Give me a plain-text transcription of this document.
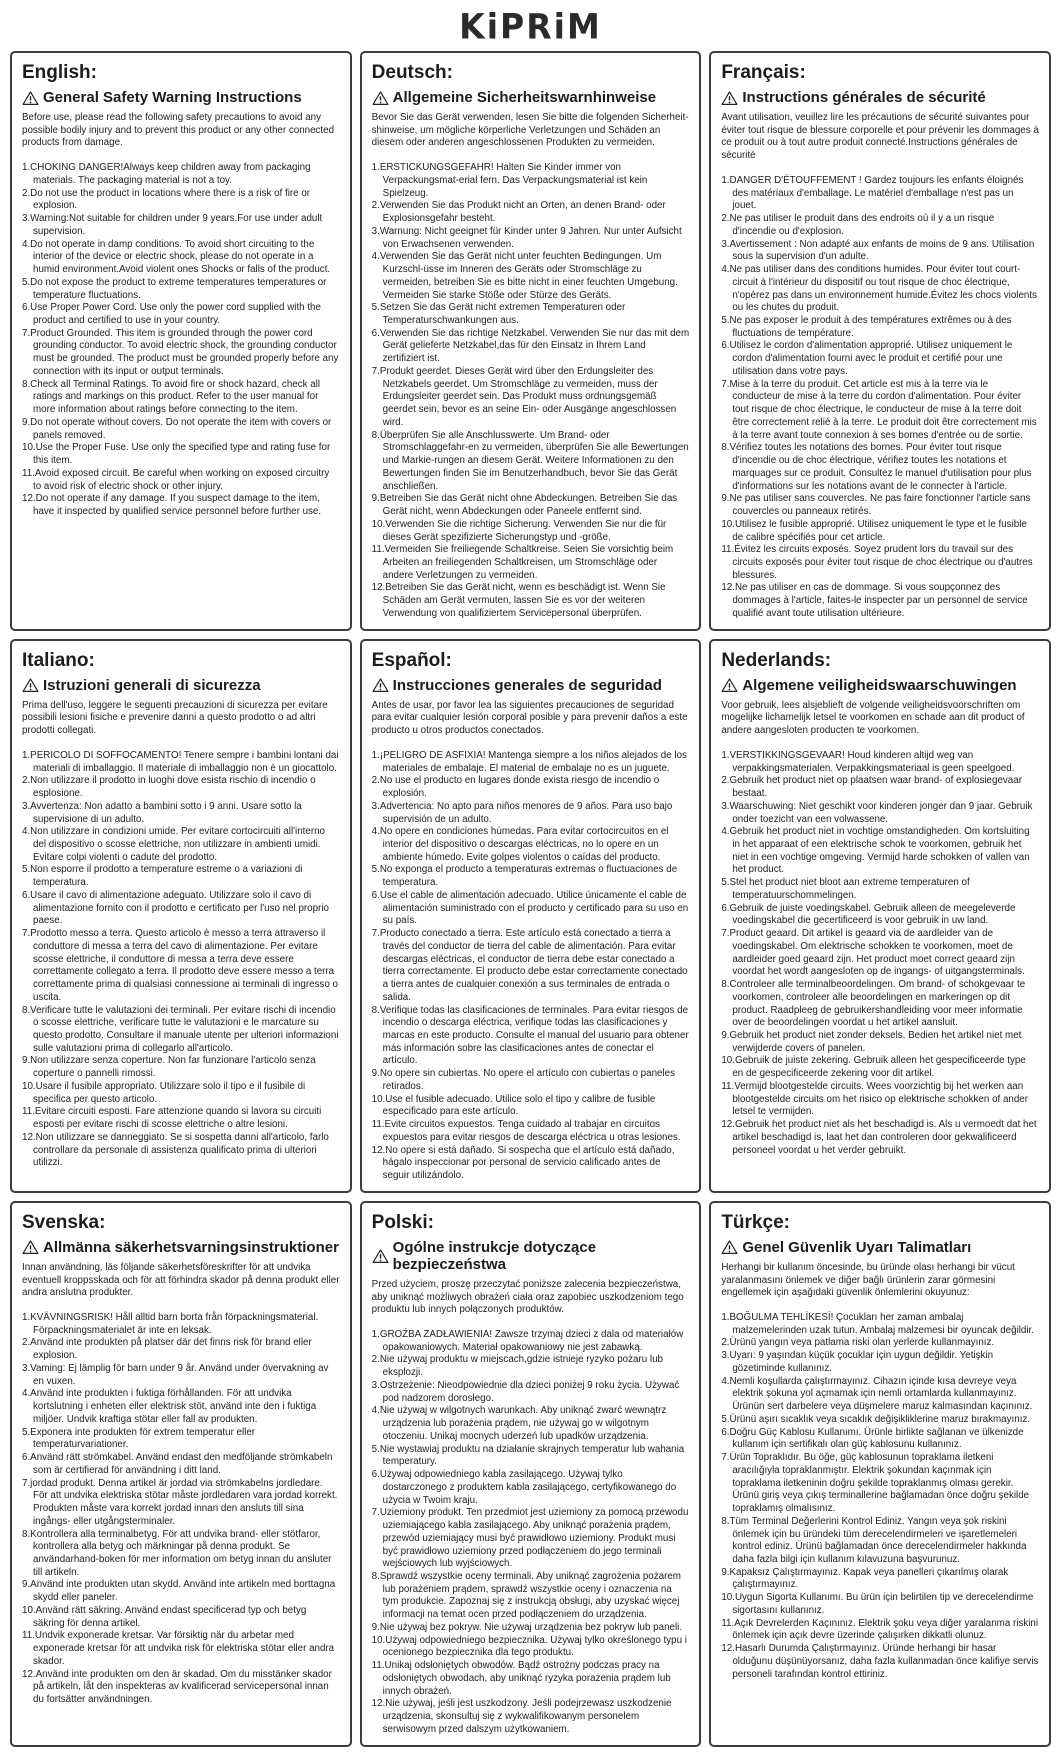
KiPRiM
English:
General Safety Warning Instructions

Before use, please read the following safety precautions to avoid any possible bodily injury and to prevent this product or any other connected products from damage.

1.CHOKING DANGER!Always keep children away from packaging materials. The packaging material is not a toy.
2.Do not use the product in locations where there is a risk of fire or explosion.
3.Warning:Not suitable for children under 9 years.For use under adult supervision.
4.Do not operate in damp conditions. To avoid short circuiting to the interior of the device or electric shock, please do not operate in a humid environment.Avoid violent ones Shocks or falls of the product.
5.Do not expose the product to extreme temperatures temperatures or temperature fluctuations.
6.Use Proper Power Cord. Use only the power cord supplied with the product and certified to use in your country.
7.Product Grounded. This item is grounded through the power cord grounding conductor. To avoid electric shock, the grounding conductor must be grounded. The product must be grounded properly before any connection with its input or output terminals.
8.Check all Terminal Ratings. To avoid fire or shock hazard, check all ratings and markings on this product. Refer to the user manual for more information about ratings before connecting to the item.
9.Do not operate without covers. Do not operate the item with covers or panels removed.
10.Use the Proper Fuse. Use only the specified type and rating fuse for this item.
11.Avoid exposed circuit. Be careful when working on exposed circuitry to avoid risk of electric shock or other injury.
12.Do not operate if any damage. If you suspect damage to the item, have it inspected by qualified service personnel before further use.
Deutsch:
Allgemeine Sicherheitswarnhinweise

Bevor Sie das Gerät verwenden, lesen Sie bitte die folgenden Sicherheit-shinweise, um mögliche körperliche Verletzungen und Schäden an diesem oder anderen angeschlossenen Produkten zu vermeiden.

1.ERSTICKUNGSGEFAHR! Halten Sie Kinder immer von Verpackungsmat-erial fern. Das Verpackungsmaterial ist kein Spielzeug.
2.Verwenden Sie das Produkt nicht an Orten, an denen Brand- oder Explosionsgefahr besteht.
3.Warnung: Nicht geeignet für Kinder unter 9 Jahren. Nur unter Aufsicht von Erwachsenen verwenden.
4.Verwenden Sie das Gerät nicht unter feuchten Bedingungen. Um Kurzschl-üsse im Inneren des Geräts oder Stromschläge zu vermeiden, betreiben Sie es bitte nicht in einer feuchten Umgebung. Vermeiden Sie starke Stöße oder Stürze des Geräts.
5.Setzen Sie das Gerät nicht extremen Temperaturen oder Temperaturschwankungen aus.
6.Verwenden Sie das richtige Netzkabel. Verwenden Sie nur das mit dem Gerät gelieferte Netzkabel,das für den Einsatz in Ihrem Land zertifiziert ist.
7.Produkt geerdet. Dieses Gerät wird über den Erdungsleiter des Netzkabels geerdet. Um Stromschläge zu vermeiden, muss der Erdungsleiter geerdet sein. Das Produkt muss ordnungsgemäß geerdet sein, bevor es an seine Ein- oder Ausgänge angeschlossen wird.
8.Überprüfen Sie alle Anschlusswerte. Um Brand- oder Stromschlaggefahr-en zu vermeiden, überprüfen Sie alle Bewertungen und Markie-rungen an diesem Gerät. Weitere Informationen zu den Bewertungen finden Sie im Benutzerhandbuch, bevor Sie das Gerät anschließen.
9.Betreiben Sie das Gerät nicht ohne Abdeckungen. Betreiben Sie das Gerät nicht, wenn Abdeckungen oder Paneele entfernt sind.
10.Verwenden Sie die richtige Sicherung. Verwenden Sie nur die für dieses Gerät spezifizierte Sicherungstyp und -größe.
11.Vermeiden Sie freiliegende Schaltkreise. Seien Sie vorsichtig beim Arbeiten an freiliegenden Schaltkreisen, um Stromschläge oder andere Verletzungen zu vermeiden.
12.Betreiben Sie das Gerät nicht, wenn es beschädigt ist. Wenn Sie Schäden am Gerät vermuten, lassen Sie es vor der weiteren Verwendung von qualifiziertem Servicepersonal überprüfen.
Français:
Instructions générales de sécurité

Avant utilisation, veuillez lire les précautions de sécurité suivantes pour éviter tout risque de blessure corporelle et pour prévenir les dommages à ce produit ou à tout autre produit connecté.Instructions générales de sécurité

1.DANGER D'ÉTOUFFEMENT ! Gardez toujours les enfants éloignés des matériaux d'emballage. Le matériel d'emballage n'est pas un jouet.
2.Ne pas utiliser le produit dans des endroits où il y a un risque d'incendie ou d'explosion.
3.Avertissement : Non adapté aux enfants de moins de 9 ans. Utilisation sous la supervision d'un adulte.
4.Ne pas utiliser dans des conditions humides. Pour éviter tout court-circuit à l'intérieur du dispositif ou tout risque de choc électrique, n'opérez pas dans un environnement humide.Évitez les chocs violents ou les chutes du produit.
5.Ne pas exposer le produit à des températures extrêmes ou à des fluctuations de température.
6.Utilisez le cordon d'alimentation approprié. Utilisez uniquement le cordon d'alimentation fourni avec le produit et certifié pour une utilisation dans votre pays.
7.Mise à la terre du produit. Cet article est mis à la terre via le conducteur de mise à la terre du cordon d'alimentation. Pour éviter tout risque de choc électrique, le conducteur de mise à la terre doit être correctement relié à la terre. Le produit doit être correctement mis à la terre avant toute connexion à ses bornes d'entrée ou de sortie.
8.Vérifiez toutes les notations des bornes. Pour éviter tout risque d'incendie ou de choc électrique, vérifiez toutes les notations et marquages sur ce produit. Consultez le manuel d'utilisation pour plus d'informations sur les notations avant de le connecter à l'article.
9.Ne pas utiliser sans couvercles. Ne pas faire fonctionner l'article sans couvercles ou panneaux retirés.
10.Utilisez le fusible approprié. Utilisez uniquement le type et le fusible de calibre spécifiés pour cet article.
11.Évitez les circuits exposés. Soyez prudent lors du travail sur des circuits exposés pour éviter tout risque de choc électrique ou d'autres blessures.
12.Ne pas utiliser en cas de dommage. Si vous soupçonnez des dommages à l'article, faites-le inspecter par un personnel de service qualifié avant toute utilisation ultérieure.
Italiano:
Istruzioni generali di sicurezza

Prima dell'uso, leggere le seguenti precauzioni di sicurezza per evitare possibili lesioni fisiche e prevenire danni a questo prodotto o ad altri prodotti collegati.

1.PERICOLO DI SOFFOCAMENTO! Tenere sempre i bambini lontani dai materiali di imballaggio. Il materiale di imballaggio non è un giocattolo.
2.Non utilizzare il prodotto in luoghi dove esista rischio di incendio o esplosione.
3.Avvertenza: Non adatto a bambini sotto i 9 anni. Usare sotto la supervisione di un adulto.
4.Non utilizzare in condizioni umide. Per evitare cortocircuiti all'interno del dispositivo o scosse elettriche, non utilizzare in ambienti umidi. Evitare colpi violenti o cadute del prodotto.
5.Non esporre il prodotto a temperature estreme o a variazioni di temperatura.
6.Usare il cavo di alimentazione adeguato. Utilizzare solo il cavo di alimentazione fornito con il prodotto e certificato per l'uso nel proprio paese.
7.Prodotto messo a terra. Questo articolo è messo a terra attraverso il conduttore di messa a terra del cavo di alimentazione. Per evitare scosse elettriche, il conduttore di messa a terra deve essere correttamente collegato a terra. Il prodotto deve essere messo a terra correttamente prima di qualsiasi connessione ai terminali di ingresso o uscita.
8.Verificare tutte le valutazioni dei terminali. Per evitare rischi di incendio o scosse elettriche, verificare tutte le valutazioni e le marcature su questo prodotto. Consultare il manuale utente per ulteriori informazioni sulle valutazioni prima di collegarlo all'articolo.
9.Non utilizzare senza coperture. Non far funzionare l'articolo senza coperture o pannelli rimossi.
10.Usare il fusibile appropriato. Utilizzare solo il tipo e il fusibile di specifica per questo articolo.
11.Evitare circuiti esposti. Fare attenzione quando si lavora su circuiti esposti per evitare rischi di scosse elettriche o altre lesioni.
12.Non utilizzare se danneggiato. Se si sospetta danni all'articolo, farlo controllare da personale di assistenza qualificato prima di ulteriori utilizzi.
Español:
Instrucciones generales de seguridad

Antes de usar, por favor lea las siguientes precauciones de seguridad para evitar cualquier lesión corporal posible y para prevenir daños a este producto u otros productos conectados.

1.¡PELIGRO DE ASFIXIA! Mantenga siempre a los niños alejados de los materiales de embalaje. El material de embalaje no es un juguete.
2.No use el producto en lugares donde exista riesgo de incendio o explosión.
3.Advertencia: No apto para niños menores de 9 años. Para uso bajo supervisión de un adulto.
4.No opere en condiciones húmedas. Para evitar cortocircuitos en el interior del dispositivo o descargas eléctricas, no lo opere en un ambiente húmedo. Evite golpes violentos o caídas del producto.
5.No exponga el producto a temperaturas extremas o fluctuaciones de temperatura.
6.Use el cable de alimentación adecuado. Utilice únicamente el cable de alimentación suministrado con el producto y certificado para su uso en su país.
7.Producto conectado a tierra. Este artículo está conectado a tierra a través del conductor de tierra del cable de alimentación. Para evitar descargas eléctricas, el conductor de tierra debe estar conectado a tierra correctamente. El producto debe estar correctamente conectado a tierra antes de cualquier conexión a sus terminales de entrada o salida.
8.Verifique todas las clasificaciones de terminales. Para evitar riesgos de incendio o descarga eléctrica, verifique todas las clasificaciones y marcas en este producto. Consulte el manual del usuario para obtener más información sobre las clasificaciones antes de conectar el artículo.
9.No opere sin cubiertas. No opere el artículo con cubiertas o paneles retirados.
10.Use el fusible adecuado. Utilice solo el tipo y calibre de fusible especificado para este artículo.
11.Evite circuitos expuestos. Tenga cuidado al trabajar en circuitos expuestos para evitar riesgos de descarga eléctrica u otras lesiones.
12.No opere si está dañado. Si sospecha que el artículo está dañado, hágalo inspeccionar por personal de servicio calificado antes de seguir utilizándolo.
Nederlands:
Algemene veiligheidswaarschuwingen

Voor gebruik, lees alsjeblieft de volgende veiligheidsvoorschriften om mogelijke lichamelijk letsel te voorkomen en schade aan dit product of andere aangesloten producten te voorkomen.

1.VERSTIKKINGSGEVAAR! Houd kinderen altijd weg van verpakkingsmaterialen. Verpakkingsmateriaal is geen speelgoed.
2.Gebruik het product niet op plaatsen waar brand- of explosiegevaar bestaat.
3.Waarschuwing: Niet geschikt voor kinderen jonger dan 9 jaar. Gebruik onder toezicht van een volwassene.
4.Gebruik het product niet in vochtige omstandigheden. Om kortsluiting in het apparaat of een elektrische schok te voorkomen, gebruik het niet in een vochtige omgeving. Vermijd harde schokken of vallen van het product.
5.Stel het product niet bloot aan extreme temperaturen of temperatuurschommelingen.
6.Gebruik de juiste voedingskabel. Gebruik alleen de meegeleverde voedingskabel die gecertificeerd is voor gebruik in uw land.
7.Product geaard. Dit artikel is geaard via de aardleider van de voedingskabel. Om elektrische schokken te voorkomen, moet de aardleider goed geaard zijn. Het product moet correct geaard zijn voordat het wordt aangesloten op de ingangs- of uitgangsterminals.
8.Controleer alle terminalbeoordelingen. Om brand- of schokgevaar te voorkomen, controleer alle beoordelingen en markeringen op dit product. Raadpleeg de gebruikershandleiding voor meer informatie over de beoordelingen voordat u het artikel aansluit.
9.Gebruik het product niet zonder deksels. Bedien het artikel niet met verwijderde covers of panelen.
10.Gebruik de juiste zekering. Gebruik alleen het gespecificeerde type en de gespecificeerde zekering voor dit artikel.
11.Vermijd blootgestelde circuits. Wees voorzichtig bij het werken aan blootgestelde circuits om het risico op elektrische schokken of ander letsel te vermijden.
12.Gebruik het product niet als het beschadigd is. Als u vermoedt dat het artikel beschadigd is, laat het dan controleren door gekwalificeerd personeel voordat u het verder gebruikt.
Svenska:
Allmänna säkerhetsvarningsinstruktioner

Innan användning, läs följande säkerhetsföreskrifter för att undvika eventuell kroppsskada och för att förhindra skador på denna produkt eller andra anslutna produkter.

1.KVÄVNINGSRISK! Håll alltid barn borta från förpackningsmaterial. Förpackningsmaterialet är inte en leksak.
2.Använd inte produkten på platser där det finns risk för brand eller explosion.
3.Vaming: Ej lämplig för barn under 9 år. Använd under övervakning av en vuxen.
4.Använd inte produkten i fuktiga förhållanden. För att undvika kortslutning i enheten eller elektrisk stöt, använd inte den i fuktiga miljöer. Undvik kraftiga stötar eller fall av produkten.
5.Exponera inte produkten för extrem temperatur eller temperaturvariationer.
6.Använd rätt strömkabel. Använd endast den medföljande strömkabeln som är certifierad för användning i ditt land.
7.jordad produkt. Denna artikel är jordad via strömkabelns jordledare. För att undvika elektriska stötar måste jordledaren vara jordad korrekt. Produkten måste vara korrekt jordad innan den ansluts till sina ingångs- eller utgångsterminaler.
8.Kontrollera alla terminalbetyg. För att undvika brand- eller stötfaror, kontrollera alla betyg och märkningar på denna produkt. Se användarhand-boken för mer information om betyg innan du ansluter till artikeln.
9.Använd inte produkten utan skydd. Använd inte artikeln med borttagna skydd eller paneler.
10.Använd rätt säkring. Använd endast specificerad typ och betyg säkring för denna artikel.
11.Undvik exponerade kretsar. Var försiktig när du arbetar med exponerade kretsar för att undvika risk för elektriska stötar eller andra skador.
12.Använd inte produkten om den är skadad. Om du misstänker skador på artikeln, låt den inspekteras av kvalificerad servicepersonal innan du fortsätter användningen.
Polski:
Ogólne instrukcje dotyczące bezpieczeństwa

Przed użyciem, proszę przeczytać poniższe zalecenia bezpieczeństwa, aby uniknąć możliwych obrażeń ciała oraz zapobiec uszkodzeniom tego produktu lub innych połączonych produktów.

1.GROŹBA ZADŁAWIENIA! Zawsze trzymaj dzieci z dala od materiałów opakowaniowych. Materiał opakowaniowy nie jest zabawką.
2.Nie używaj produktu w miejscach,gdzie istnieje ryzyko pożaru lub eksplozji.
3.Ostrzeżenie: Nieodpowiednie dla dzieci poniżej 9 roku życia. Używać pod nadzorem dorosłego.
4.Nie używaj w wilgotnych warunkach. Aby uniknąć zwarć wewnątrz urządzenia lub porażenia prądem, nie używaj go w wilgotnym otoczeniu. Unikaj mocnych uderzeń lub upadków urządzenia.
5.Nie wystawiaj produktu na działanie skrajnych temperatur lub wahania temperatury.
6.Używaj odpowiedniego kabla zasilającego. Używaj tylko dostarczonego z produktem kabla zasilającego, certyfikowanego do użycia w Twoim kraju.
7.Uziemiony produkt. Ten przedmiot jest uziemiony za pomocą przewodu uziemiającego kabla zasilającego. Aby uniknąć porażenia prądem, przewód uziemiający musi być prawidłowo uziemiony. Produkt musi być prawidłowo uziemiony przed podłączeniem do jego terminali wejściowych lub wyjściowych.
8.Sprawdź wszystkie oceny terminali. Aby uniknąć zagrożenia pożarem lub porażeniem prądem, sprawdź wszystkie oceny i oznaczenia na tym produkcie. Zapoznaj się z instrukcją obsługi, aby uzyskać więcej informacji na temat ocen przed podłączeniem do urządzenia.
9.Nie używaj bez pokryw. Nie używaj urządzenia bez pokryw lub paneli.
10.Używaj odpowiedniego bezpiecznika. Używaj tylko określonego typu i ocenionego bezpiecznika dla tego produktu.
11.Unikaj odsłoniętych obwodów. Bądź ostrożny podczas pracy na odsłoniętych obwodach, aby uniknąć ryzyka porażenia prądem lub innych obrażeń.
12.Nie używaj, jeśli jest uszkodzony. Jeśli podejrzewasz uszkodzenie urządzenia, skonsultuj się z wykwalifikowanym personelem serwisowym przed dalszym użytkowaniem.
Türkçe:
Genel Güvenlik Uyarı Talimatları

Herhangi bir kullanım öncesinde, bu üründe olası herhangi bir vücut yaralanmasını önlemek ve diğer bağlı ürünlerin zarar görmesini engellemek için aşağıdaki güvenlik önlemlerini okuyunuz:

1.BOĞULMA TEHLİKESİ! Çocukları her zaman ambalaj malzemelerinden uzak tutun. Ambalaj malzemesi bir oyuncak değildir.
2.Ürünü yangın veya patlama riski olan yerlerde kullanmayınız.
3.Uyarı: 9 yaşından küçük çocuklar için uygun değildir. Yetişkin gözetiminde kullanınız.
4.Nemli koşullarda çalıştırmayınız. Cihazın içinde kısa devreye veya elektrik şokuna yol açmamak için nemli ortamlarda kullanmayınız. Ürünün sert darbelere veya düşmelere maruz kalmasından kaçınınız.
5.Ürünü aşırı sıcaklık veya sıcaklık değişikliklerine maruz bırakmayınız.
6.Doğru Güç Kablosu Kullanımı. Ürünle birlikte sağlanan ve ülkenizde kullanım için sertifikalı olan güç kablosunu kullanınız.
7.Ürün Topraklıdır. Bu öğe, güç kablosunun topraklama iletkeni aracılığıyla topraklanmıştır. Elektrik şokundan kaçınmak için topraklama iletkeninin doğru şekilde topraklanmış olması gerekir. Ürünü giriş veya çıkış terminallerine bağlamadan önce doğru şekilde topraklamış olmalısınız.
8.Tüm Terminal Değerlerini Kontrol Ediniz. Yangın veya şok riskini önlemek için bu üründeki tüm derecelendirmeleri ve işaretlemeleri kontrol ediniz. Ürünü bağlamadan önce derecelendirmeler hakkında daha fazla bilgi için kullanım kılavuzuna başvurunuz.
9.Kapaksız Çalıştırmayınız. Kapak veya panelleri çıkarılmış olarak çalıştırmayınız.
10.Uygun Sigorta Kullanımı. Bu ürün için belirtilen tip ve derecelendirme sigortasını kullanınız.
11.Açık Devrelerden Kaçınınız. Elektrik şoku veya diğer yaralanma riskini önlemek için açık devre üzerinde çalışırken dikkatli olunuz.
12.Hasarlı Durumda Çalıştırmayınız. Üründe herhangi bir hasar olduğunu düşünüyorsanız, daha fazla kullanmadan önce kalifiye servis personeli tarafından kontrol ettiriniz.
